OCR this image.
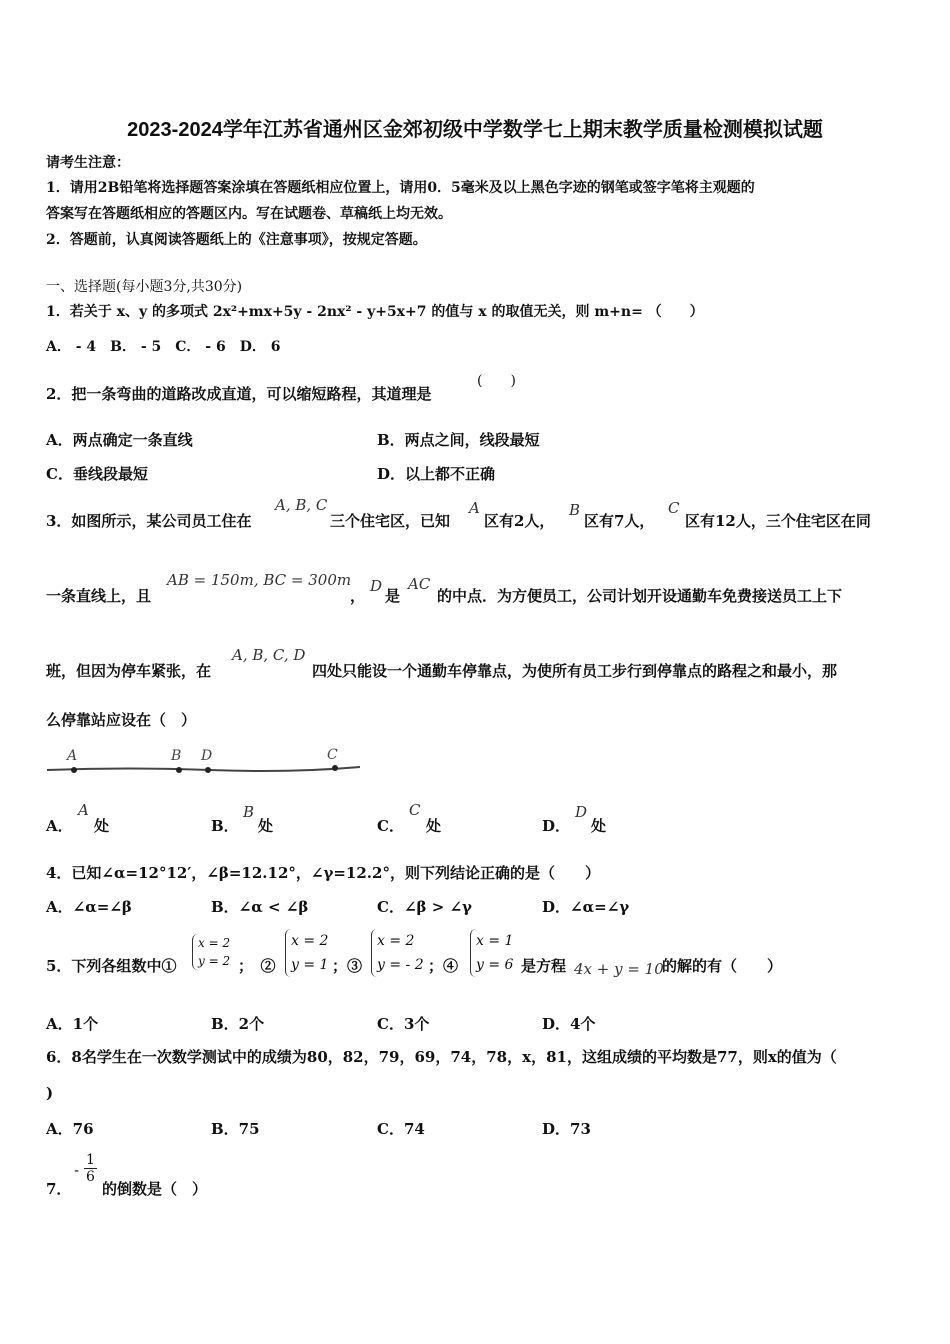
2023-2024学年江苏省通州区金郊初级中学数学七上期末教学质量检测模拟试题
请考生注意：
1．请用2B铅笔将选择题答案涂填在答题纸相应位置上，请用0．5毫米及以上黑色字迹的钢笔或签字笔将主观题的
答案写在答题纸相应的答题区内。写在试题卷、草稿纸上均无效。
2．答题前，认真阅读答题纸上的《注意事项》，按规定答题。
一、选择题(每小题3分,共30分)
1．若关于 x、y 的多项式 2x²+mx+5y - 2nx² - y+5x+7 的值与 x 的取值无关，则 m+n= （　　）
A． - 4　B． - 5　C． - 6　D． 6
2．把一条弯曲的道路改成直道，可以缩短路程，其道理是
(　　)
A．两点确定一条直线	B．两点之间，线段最短
C．垂线段最短	D．以上都不正确
3．如图所示，某公司员工住在
A, B, C
三个住宅区，已知
A
区有2人，
B
区有7人，
C
区有12人，三个住宅区在同
一条直线上，且
AB = 150m, BC = 300m
，
D
是
AC
的中点．为方便员工，公司计划开设通勤车免费接送员工上下
班，但因为停车紧张，在
A, B, C, D
四处只能设一个通勤车停靠点，为使所有员工步行到停靠点的路程之和最小，那
么停靠站应设在（　）
A	B D	C
A．
A
处	B．
B
处	C．
C
处	D．
D
处
4．已知∠α=12°12′，∠β=12.12°，∠γ=12.2°，则下列结论正确的是（　　）
A．∠α=∠β	B．∠α < ∠β	C．∠β > ∠γ	D．∠α=∠γ
5．下列各组数中①
x = 2
y = 2 ；　②
x = 2
y = 1 ；③
x = 2
y = - 2 ；④
x = 1
y = 6 是方程 4x + y = 10
的解的有（　　）
A．1个	B．2个	C．3个	D．4个
6．8名学生在一次数学测试中的成绩为80，82，79，69，74，78，x，81，这组成绩的平均数是77，则x的值为（
)
A．76	B．75	C．74	D．73
7．
- $\frac{1}{6}$
的倒数是（　）
